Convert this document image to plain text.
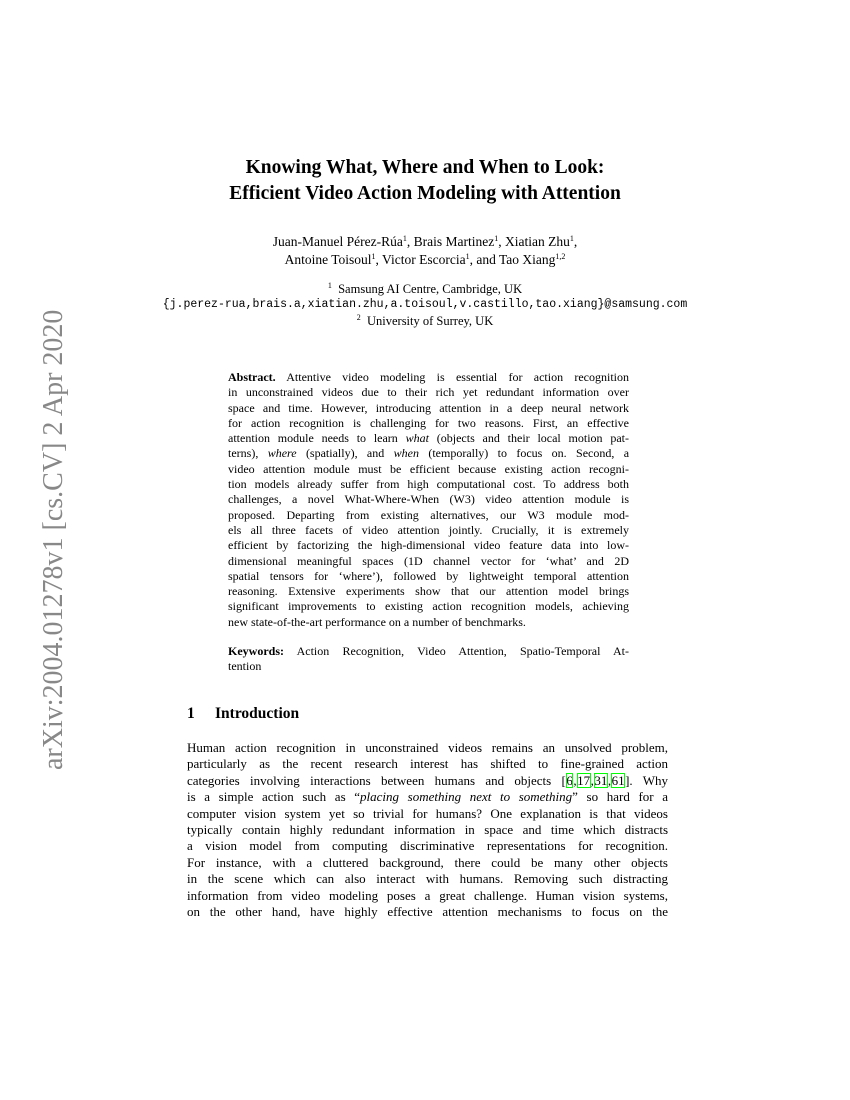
arXiv:2004.01278v1 [cs.CV] 2 Apr 2020
Knowing What, Where and When to Look:
Efficient Video Action Modeling with Attention
Juan-Manuel Pérez-Rúa$^1$, Brais Martinez$^1$, Xiatian Zhu$^1$,
Antoine Toisoul$^1$, Victor Escorcia$^1$, and Tao Xiang$^{1,2}$
$^1$ Samsung AI Centre, Cambridge, UK
{j.perez-rua,brais.a,xiatian.zhu,a.toisoul,v.castillo,tao.xiang}@samsung.com
$^2$ University of Surrey, UK
Abstract. Attentive video modeling is essential for action recognition
in unconstrained videos due to their rich yet redundant information over
space and time. However, introducing attention in a deep neural network
for action recognition is challenging for two reasons. First, an effective
attention module needs to learn what (objects and their local motion pat-
terns), where (spatially), and when (temporally) to focus on. Second, a
video attention module must be efficient because existing action recogni-
tion models already suffer from high computational cost. To address both
challenges, a novel What-Where-When (W3) video attention module is
proposed. Departing from existing alternatives, our W3 module mod-
els all three facets of video attention jointly. Crucially, it is extremely
efficient by factorizing the high-dimensional video feature data into low-
dimensional meaningful spaces (1D channel vector for ‘what’ and 2D
spatial tensors for ‘where’), followed by lightweight temporal attention
reasoning. Extensive experiments show that our attention model brings
significant improvements to existing action recognition models, achieving
new state-of-the-art performance on a number of benchmarks.
Keywords: Action Recognition, Video Attention, Spatio-Temporal At-
tention
1 Introduction
Human action recognition in unconstrained videos remains an unsolved problem,
particularly as the recent research interest has shifted to fine-grained action
categories involving interactions between humans and objects [6,17,31,61]. Why
is a simple action such as “placing something next to something” so hard for a
computer vision system yet so trivial for humans? One explanation is that videos
typically contain highly redundant information in space and time which distracts
a vision model from computing discriminative representations for recognition.
For instance, with a cluttered background, there could be many other objects
in the scene which can also interact with humans. Removing such distracting
information from video modeling poses a great challenge. Human vision systems,
on the other hand, have highly effective attention mechanisms to focus on the
